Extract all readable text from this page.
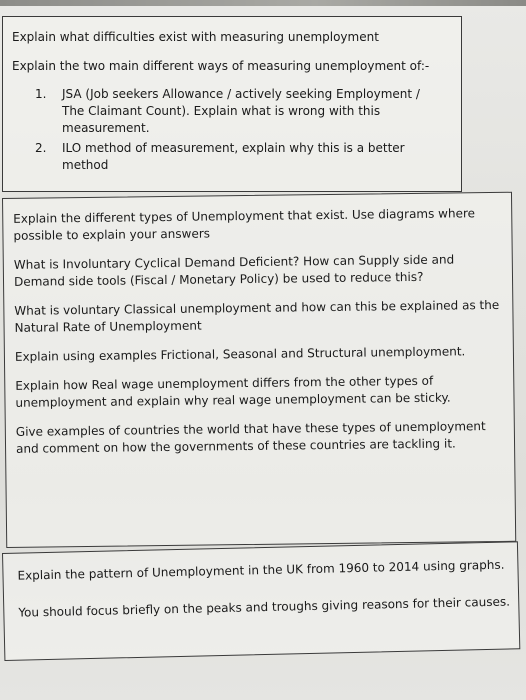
Explain what difficulties exist with measuring unemployment

Explain the two main different ways of measuring unemployment of:-

1.	JSA (Job seekers Allowance / actively seeking Employment / The Claimant Count). Explain what is wrong with this measurement.
2.	ILO method of measurement, explain why this is a better method

Explain the different types of Unemployment that exist. Use diagrams where possible to explain your answers

What is Involuntary Cyclical Demand Deficient? How can Supply side and Demand side tools (Fiscal / Monetary Policy) be used to reduce this?

What is voluntary Classical unemployment and how can this be explained as the Natural Rate of Unemployment

Explain using examples Frictional, Seasonal and Structural unemployment.

Explain how Real wage unemployment differs from the other types of unemployment and explain why real wage unemployment can be sticky.

Give examples of countries the world that have these types of unemployment and comment on how the governments of these countries are tackling it.

Explain the pattern of Unemployment in the UK from 1960 to 2014 using graphs.

You should focus briefly on the peaks and troughs giving reasons for their causes.
